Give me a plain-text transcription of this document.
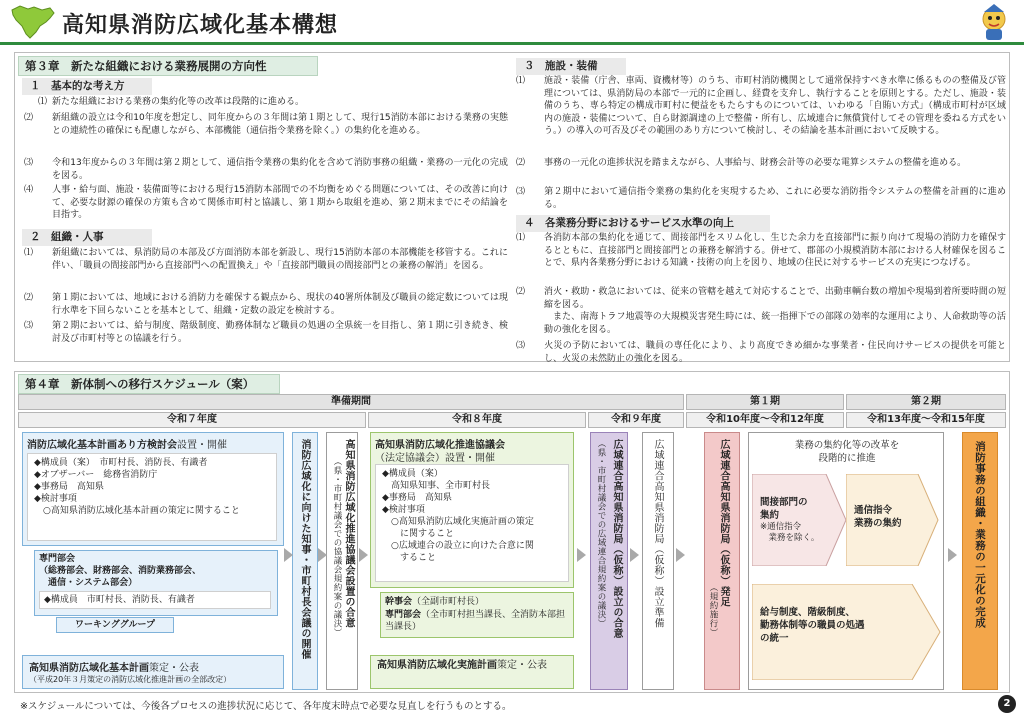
高知県消防広域化基本構想
第３章　新たな組織における業務展開の方向性
１　基本的な考え方
⑴ 新たな組織における業務の集約化等の改革は段階的に進める。
⑵ 新組織の設立は令和10年度を想定し、同年度からの３年間は第１期として、現行15消防本部における業務の実態との連続性の確保にも配慮しながら、本部機能（通信指令業務を除く。）の集約化を進める。
⑶ 令和13年度からの３年間は第２期として、通信指令業務の集約化を含めて消防事務の組織・業務の一元化の完成を図る。
⑷ 人事・給与面、施設・装備面等における現行15消防本部間での不均衡をめぐる問題については、その改善に向けて、必要な財源の確保の方策も含めて関係市町村と協議し、第１期から取組を進め、第２期末までにその結論を目指す。
２　組織・人事
⑴ 新組織においては、県消防局の本部及び方面消防本部を新設し、現行15消防本部の本部機能を移管する。これに伴い、「職員の間接部門から直接部門への配置換え」や「直接部門職員の間接部門との兼務の解消」を図る。
⑵ 第１期においては、地域における消防力を確保する観点から、現状の40署所体制及び職員の総定数については現行水準を下回らないことを基本として、組織・定数の設定を検討する。
⑶ 第２期においては、給与制度、階級制度、勤務体制など職員の処遇の全県統一を目指し、第１期に引き続き、検討及び市町村等との協議を行う。
３　施設・装備
⑴ 施設・装備（庁舎、車両、資機材等）のうち、市町村消防機関として通常保持すべき水準に係るものの整備及び管理については、県消防局の本部で一元的に企画し、経費を支弁し、執行することを原則とする。ただし、施設・装備のうち、専ら特定の構成市町村に便益をもたらすものについては、いわゆる「自賄い方式」（構成市町村が区域内の施設・装備について、自ら財源調達の上で整備・所有し、広域連合に無償貸付してその管理を委ねる方式をいう。）の導入の可否及びその範囲のあり方について検討し、その結論を基本計画において反映する。
⑵ 事務の一元化の進捗状況を踏まえながら、人事給与、財務会計等の必要な電算システムの整備を進める。
⑶ 第２期中において通信指令業務の集約化を実現するため、これに必要な消防指令システムの整備を計画的に進める。
４　各業務分野におけるサービス水準の向上
⑴ 各消防本部の集約化を通じて、間接部門をスリム化し、生じた余力を直接部門に振り向けて現場の消防力を確保するとともに、直接部門と間接部門との兼務を解消する。併せて、郡部の小規模消防本部における人材確保を図ることで、県内各業務分野における知識・技術の向上を図り、地域の住民に対するサービスの充実につなげる。
⑵ 消火・救助・救急においては、従来の管轄を越えて対応することで、出動車輌台数の増加や現場到着所要時間の短縮を図る。
　また、南海トラフ地震等の大規模災害発生時には、統一指揮下での部隊の効率的な運用により、人命救助等の活動の強化を図る。
⑶ 火災の予防においては、職員の専任化により、より高度できめ細かな事業者・住民向けサービスの提供を可能とし、火災の未然防止の強化を図る。
第４章　新体制への移行スケジュール（案）
準備期間	第１期	第２期
令和７年度	令和８年度	令和９年度	令和10年度〜令和12年度	令和13年度〜令和15年度
消防広域化基本計画あり方検討会設置・開催
◆構成員（案）　市町村長、消防長、有識者
◆オブザーバー　総務省消防庁
◆事務局　高知県
◆検討事項
　○高知県消防広域化基本計画の策定に関すること
専門部会
（総務部会、財務部会、消防業務部会、
　通信・システム部会）
◆構成員　市町村長、消防長、有識者
ワーキンググループ
高知県消防広域化基本計画策定・公表
（平成20年３月策定の消防広域化推進計画の全部改定）
消防広域化に向けた知事・市町村長会議の開催	高知県消防広域化推進協議会設置の合意
（県・市町村議会での協議会規約案の議決）
高知県消防広域化推進協議会
（法定協議会）設置・開催
◆構成員（案）
　高知県知事、全市町村長
◆事務局　高知県
◆検討事項
　○高知県消防広域化実施計画の策定
　　に関すること
　○広域連合の設立に向けた合意に関
　　すること
幹事会（全副市町村長）
専門部会（全市町村担当課長、全消防本部担当課長）
高知県消防広域化実施計画策定・公表
広域連合高知県消防局（仮称）設立の合意
（県・市町村議会での広域連合規約案の議決）	広域連合高知県消防局（仮称）設立準備	広域連合高知県消防局（仮称）発足
（規約施行）
業務の集約化等の改革を
段階的に推進
間接部門の
集約
※通信指令
　業務を除く。
通信指令
業務の集約
給与制度、階級制度、
勤務体制等の職員の処遇
の統一
消防事務の組織・業務の一元化の完成
※スケジュールについては、今後各プロセスの進捗状況に応じて、各年度末時点で必要な見直しを行うものとする。	2
